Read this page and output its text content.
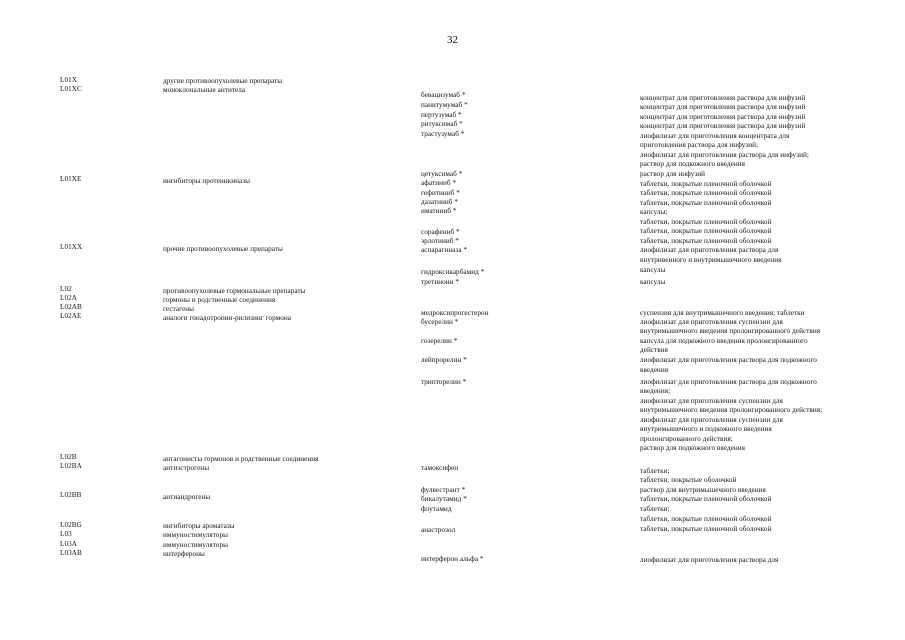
32
L01X
L01XC
L01XE
L01XX
L02
L02A
L02AB
L02AE
L02B
L02BA
L02BB
L02BG
L03
L03A
L03AB
другие противоопухолевые препараты
моноклональные антитела
ингибиторы протеинкиназы
прочие противоопухолевые препараты
противоопухолевые гормональные препараты
гормоны и родственные соединения
гестагены
аналоги гонадотропин-рилизинг гормона
антагонисты гормонов и родственные соединения
антиэстрогены
антиандрогены
ингибиторы ароматазы
иммуностимуляторы
иммуностимуляторы
интерфероны
бевацизумаб *
панитумумаб *
пертузумаб *
ритуксимаб *
трастузумаб *
цетуксимаб *
афатиниб *
гефитиниб *
дазатиниб *
иматиниб *
сорафениб *
эрлотиниб *
аспарагиназа *
гидроксикарбамид *
третиноин *
медроксипрогестерон
бусерелин *
гозерелин *
лейпрорелин *
трипторелин *
тамоксифен
фулвестрант *
бикалутамид *
флутамид
анастрозол
интерферон альфа *
концентрат для приготовления раствора для инфузий
концентрат для приготовления раствора для инфузий
концентрат для приготовления раствора для инфузий
концентрат для приготовления раствора для инфузий
лиофилизат для приготовления концентрата для
приготовления раствора для инфузий;
лиофилизат для приготовления раствора для инфузий;
раствор для подкожного введения
раствор для инфузий
таблетки, покрытые пленочной оболочкой
таблетки, покрытые пленочной оболочкой
таблетки, покрытые пленочной оболочкой
капсулы;
таблетки, покрытые пленочной оболочкой
таблетки, покрытые пленочной оболочкой
таблетки, покрытые пленочной оболочкой
лиофилизат для приготовления раствора для
внутривенного и внутримышечного введения
капсулы
капсулы
суспензия для внутримышечного введения; таблетки
лиофилизат для приготовления суспензии для
внутримышечного введения пролонгированного действия
капсула для подкожного введения пролонгированного
действия
лиофилизат для приготовления раствора для подкожного
введения
лиофилизат для приготовления раствора для подкожного
введения;
лиофилизат для приготовления суспензии для
внутримышечного введения пролонгированного действия;
лиофилизат для приготовления суспензии для
внутримышечного и подкожного введения
пролонгированного действия;
раствор для подкожного введения
таблетки;
таблетки, покрытые оболочкой
раствор для внутримышечного введения
таблетки, покрытые пленочной оболочкой
таблетки;
таблетки, покрытые пленочной оболочкой
таблетки, покрытые пленочной оболочкой
лиофилизат для приготовления раствора для
